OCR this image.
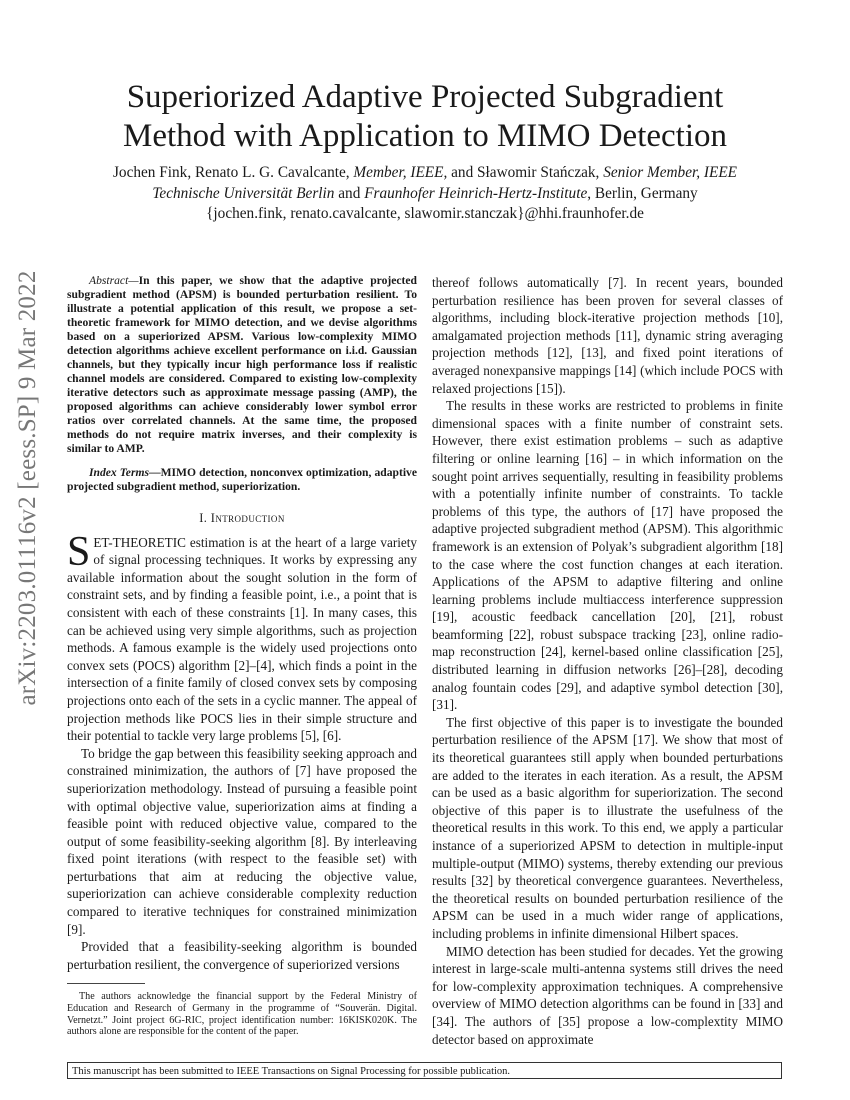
Superiorized Adaptive Projected Subgradient
Method with Application to MIMO Detection
Jochen Fink, Renato L. G. Cavalcante, Member, IEEE, and Sławomir Stańczak, Senior Member, IEEE
Technische Universität Berlin and Fraunhofer Heinrich-Hertz-Institute, Berlin, Germany
{jochen.fink, renato.cavalcante, slawomir.stanczak}@hhi.fraunhofer.de
arXiv:2203.01116v2 [eess.SP] 9 Mar 2022	Abstract—In this paper, we show that the adaptive projected subgradient method (APSM) is bounded perturbation resilient. To illustrate a potential application of this result, we propose a set-theoretic framework for MIMO detection, and we devise algorithms based on a superiorized APSM. Various low-complexity MIMO detection algorithms achieve excellent performance on i.i.d. Gaussian channels, but they typically incur high performance loss if realistic channel models are considered. Compared to existing low-complexity iterative detectors such as approximate message passing (AMP), the proposed algorithms can achieve considerably lower symbol error ratios over correlated channels. At the same time, the proposed methods do not require matrix inverses, and their complexity is similar to AMP.

Index Terms—MIMO detection, nonconvex optimization, adaptive projected subgradient method, superiorization.

I. Introduction

SET-THEORETIC estimation is at the heart of a large variety of signal processing techniques. It works by expressing any available information about the sought solution in the form of constraint sets, and by finding a feasible point, i.e., a point that is consistent with each of these constraints [1]. In many cases, this can be achieved using very simple algorithms, such as projection methods. A famous example is the widely used projections onto convex sets (POCS) algorithm [2]–[4], which finds a point in the intersection of a finite family of closed convex sets by composing projections onto each of the sets in a cyclic manner. The appeal of projection methods like POCS lies in their simple structure and their potential to tackle very large problems [5], [6].

To bridge the gap between this feasibility seeking approach and constrained minimization, the authors of [7] have proposed the superiorization methodology. Instead of pursuing a feasible point with optimal objective value, superiorization aims at finding a feasible point with reduced objective value, compared to the output of some feasibility-seeking algorithm [8]. By interleaving fixed point iterations (with respect to the feasible set) with perturbations that aim at reducing the objective value, superiorization can achieve considerable complexity reduction compared to iterative techniques for constrained minimization [9].

Provided that a feasibility-seeking algorithm is bounded perturbation resilient, the convergence of superiorized versions

thereof follows automatically [7]. In recent years, bounded perturbation resilience has been proven for several classes of algorithms, including block-iterative projection methods [10], amalgamated projection methods [11], dynamic string averaging projection methods [12], [13], and fixed point iterations of averaged nonexpansive mappings [14] (which include POCS with relaxed projections [15]).

The results in these works are restricted to problems in finite dimensional spaces with a finite number of constraint sets. However, there exist estimation problems – such as adaptive filtering or online learning [16] – in which information on the sought point arrives sequentially, resulting in feasibility problems with a potentially infinite number of constraints. To tackle problems of this type, the authors of [17] have proposed the adaptive projected subgradient method (APSM). This algorithmic framework is an extension of Polyak’s subgradient algorithm [18] to the case where the cost function changes at each iteration. Applications of the APSM to adaptive filtering and online learning problems include multiaccess interference suppression [19], acoustic feedback cancellation [20], [21], robust beamforming [22], robust subspace tracking [23], online radio-map reconstruction [24], kernel-based online classification [25], distributed learning in diffusion networks [26]–[28], decoding analog fountain codes [29], and adaptive symbol detection [30], [31].

The first objective of this paper is to investigate the bounded perturbation resilience of the APSM [17]. We show that most of its theoretical guarantees still apply when bounded perturbations are added to the iterates in each iteration. As a result, the APSM can be used as a basic algorithm for superiorization. The second objective of this paper is to illustrate the usefulness of the theoretical results in this work. To this end, we apply a particular instance of a superiorized APSM to detection in multiple-input multiple-output (MIMO) systems, thereby extending our previous results [32] by theoretical convergence guarantees. Nevertheless, the theoretical results on bounded perturbation resilience of the APSM can be used in a much wider range of applications, including problems in infinite dimensional Hilbert spaces.

MIMO detection has been studied for decades. Yet the growing interest in large-scale multi-antenna systems still drives the need for low-complexity approximation techniques. A comprehensive overview of MIMO detection algorithms can be found in [33] and [34]. The authors of [35] propose a low-complextity MIMO detector based on approximate

The authors acknowledge the financial support by the Federal Ministry of Education and Research of Germany in the programme of “Souverän. Digital. Vernetzt.” Joint project 6G-RIC, project identification number: 16KISK020K. The authors alone are responsible for the content of the paper.

This manuscript has been submitted to IEEE Transactions on Signal Processing for possible publication.
